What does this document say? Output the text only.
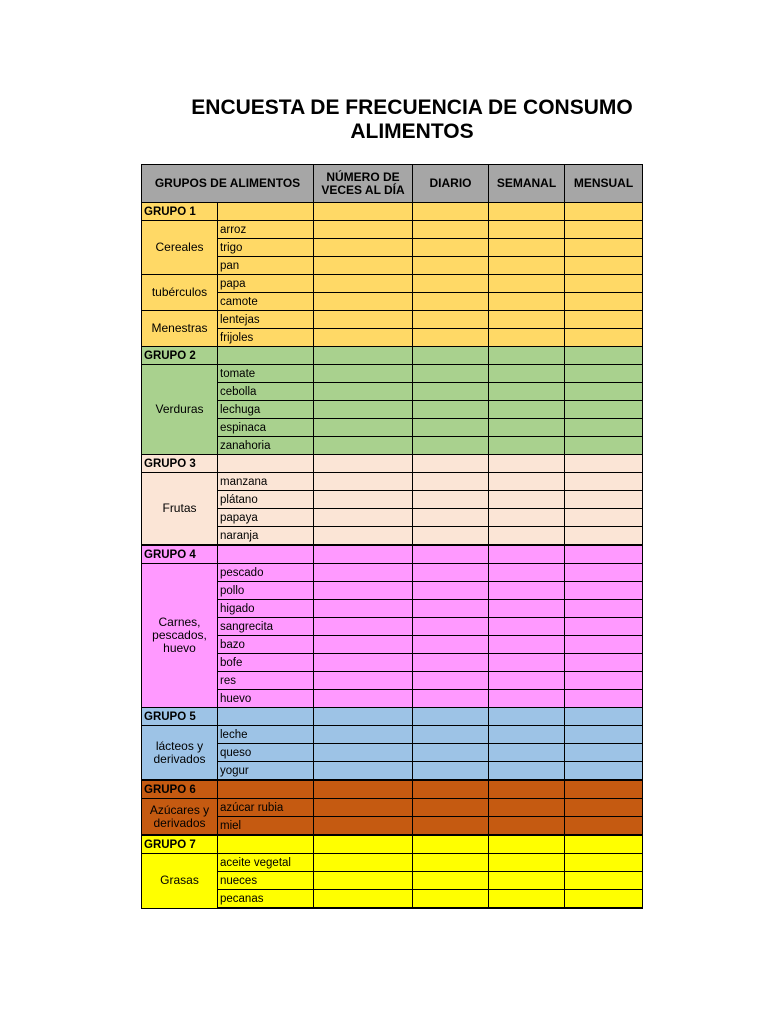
ENCUESTA DE FRECUENCIA DE CONSUMO
ALIMENTOS
GRUPOS DE ALIMENTOS		NÚMERO DE VECES AL DÍA	DIARIO	SEMANAL	MENSUAL
GRUPO 1					
Cereales	arroz				
	trigo				
	pan				
tubérculos	papa				
	camote				
Menestras	lentejas				
	frijoles				
GRUPO 2					
Verduras	tomate				
	cebolla				
	lechuga				
	espinaca				
	zanahoria				
GRUPO 3					
Frutas	manzana				
	plátano				
	papaya				
	naranja				
GRUPO 4					
Carnes, pescados, huevo	pescado				
	pollo				
	higado				
	sangrecita				
	bazo				
	bofe				
	res				
	huevo				
GRUPO 5					
lácteos y derivados	leche				
	queso				
	yogur				
GRUPO 6					
Azúcares y derivados	azúcar rubia				
	miel				
GRUPO 7					
Grasas	aceite vegetal				
	nueces				
	pecanas				
